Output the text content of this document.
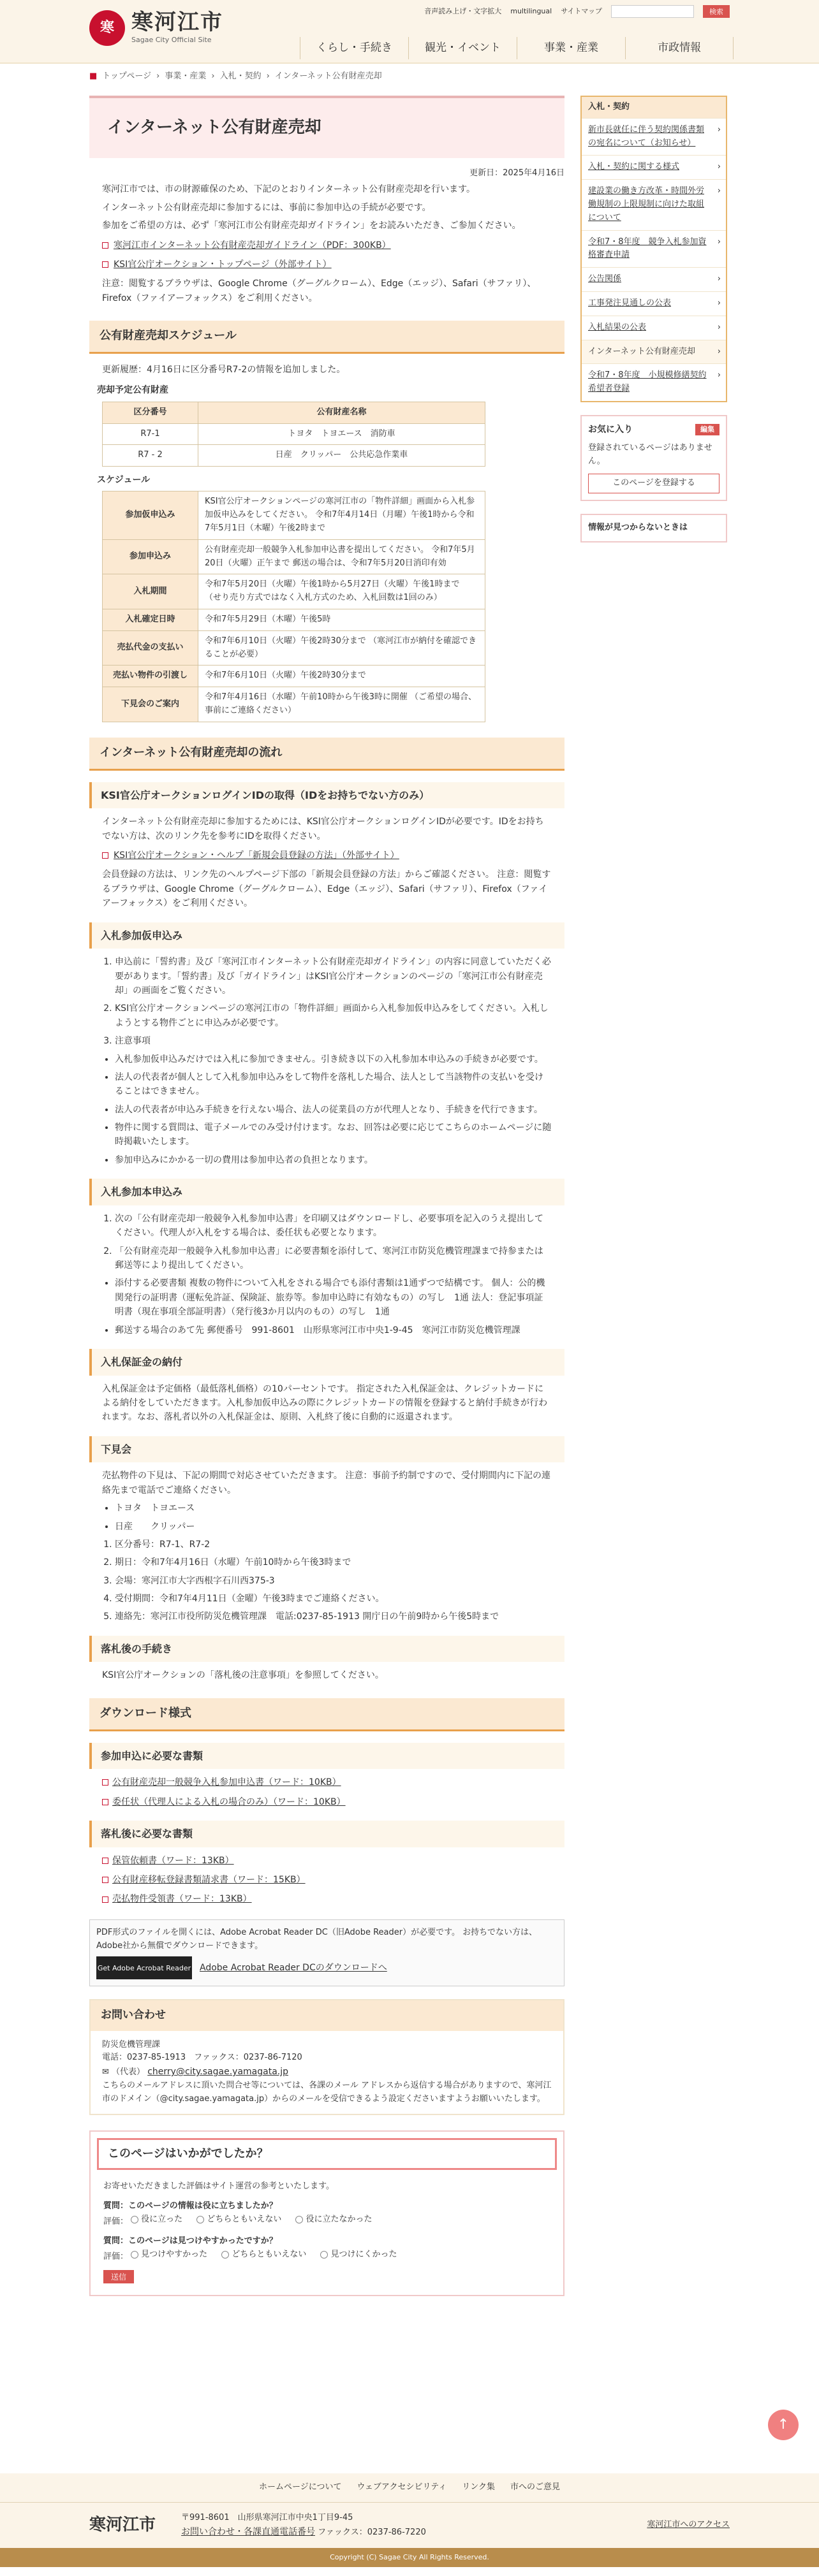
寒 寒河江市
Sagae City Official Site
音声読み上げ・文字拡大 multilingual サイトマップ	検索
くらし・手続き	観光・イベント	事業・産業	市政情報
■ トップページ › 事業・産業 › 入札・契約 › インターネット公有財産売却
インターネット公有財産売却
更新日：2025年4月16日

寒河江市では、市の財源確保のため、下記のとおりインターネット公有財産売却を行います。

インターネット公有財産売却に参加するには、事前に参加申込の手続が必要です。

参加をご希望の方は、必ず「寒河江市公有財産売却ガイドライン」をお読みいただき、ご参加ください。

寒河江市インターネット公有財産売却ガイドライン（PDF：300KB）
KSI官公庁オークション・トップページ（外部サイト）

注意：閲覧するブラウザは、Google Chrome（グーグルクローム）、Edge（エッジ）、Safari（サファリ）、Firefox（ファイアーフォックス）をご利用ください。

公有財産売却スケジュール

更新履歴：4月16日に区分番号R7-2の情報を追加しました。

売却予定公有財産
区分番号	公有財産名称
R7-1	トヨタ　トヨエース　消防車
R7 - 2	日産　クリッパー　公共応急作業車
スケジュール
参加仮申込み	KSI官公庁オークションページの寒河江市の「物件詳細」画面から入札参加仮申込みをしてください。 令和7年4月14日（月曜）午後1時から令和7年5月1日（木曜）午後2時まで
参加申込み	公有財産売却一般競争入札参加申込書を提出してください。 令和7年5月20日（火曜）正午まで 郵送の場合は、令和7年5月20日消印有効
入札期間	令和7年5月20日（火曜）午後1時から5月27日（火曜）午後1時まで （せり売り方式ではなく入札方式のため、入札回数は1回のみ）
入札確定日時	令和7年5月29日（木曜）午後5時
売払代金の支払い	令和7年6月10日（火曜）午後2時30分まで （寒河江市が納付を確認できることが必要）
売払い物件の引渡し	令和7年6月10日（火曜）午後2時30分まで
下見会のご案内	令和7年4月16日（水曜）午前10時から午後3時に開催 （ご希望の場合、事前にご連絡ください）
インターネット公有財産売却の流れ
KSI官公庁オークションログインIDの取得（IDをお持ちでない方のみ）

インターネット公有財産売却に参加するためには、KSI官公庁オークションログインIDが必要です。IDをお持ちでない方は、次のリンク先を参考にIDを取得ください。

KSI官公庁オークション・ヘルプ「新規会員登録の方法」（外部サイト）

会員登録の方法は、リンク先のヘルプページ下部の「新規会員登録の方法」からご確認ください。 注意：閲覧するブラウザは、Google Chrome（グーグルクローム）、Edge（エッジ）、Safari（サファリ）、Firefox（ファイアーフォックス）をご利用ください。

入札参加仮申込み
1. 申込前に「誓約書」及び「寒河江市インターネット公有財産売却ガイドライン」の内容に同意していただく必要があります。「誓約書」及び「ガイドライン」はKSI官公庁オークションのページの「寒河江市公有財産売却」の画面をご覧ください。
2. KSI官公庁オークションページの寒河江市の「物件詳細」画面から入札参加仮申込みをしてください。入札しようとする物件ごとに申込みが必要です。
3. 注意事項
• 入札参加仮申込みだけでは入札に参加できません。引き続き以下の入札参加本申込みの手続きが必要です。
• 法人の代表者が個人として入札参加申込みをして物件を落札した場合、法人として当該物件の支払いを受けることはできません。
• 法人の代表者が申込み手続きを行えない場合、法人の従業員の方が代理人となり、手続きを代行できます。
• 物件に関する質問は、電子メールでのみ受け付けます。なお、回答は必要に応じてこちらのホームページに随時掲載いたします。
• 参加申込みにかかる一切の費用は参加申込者の負担となります。
入札参加本申込み
1. 次の「公有財産売却一般競争入札参加申込書」を印刷又はダウンロードし、必要事項を記入のうえ提出してください。代理人が入札をする場合は、委任状も必要となります。
2. 「公有財産売却一般競争入札参加申込書」に必要書類を添付して、寒河江市防災危機管理課まで持参または郵送等により提出してください。
• 添付する必要書類 複数の物件について入札をされる場合でも添付書類は1通ずつで結構です。 個人：公的機関発行の証明書（運転免許証、保険証、旅券等。参加申込時に有効なもの）の写し　1通 法人：登記事項証明書（現在事項全部証明書）（発行後3か月以内のもの）の写し　1通
• 郵送する場合のあて先 郵便番号　991-8601　山形県寒河江市中央1-9-45　寒河江市防災危機管理課
入札保証金の納付

入札保証金は予定価格（最低落札価格）の10パーセントです。 指定された入札保証金は、クレジットカードによる納付をしていただきます。入札参加仮申込みの際にクレジットカードの情報を登録すると納付手続きが行われます。なお、落札者以外の入札保証金は、原則、入札終了後に自動的に返還されます。

下見会

売払物件の下見は、下記の期間で対応させていただきます。 注意：事前予約制ですので、受付期間内に下記の連絡先まで電話でご連絡ください。

• トヨタ　トヨエース
• 日産　　クリッパー
1. 区分番号：R7-1、R7-2
2. 期日：令和7年4月16日（水曜）午前10時から午後3時まで
3. 会場：寒河江市大字西根字石川西375-3
4. 受付期間：令和7年4月11日（金曜）午後3時までご連絡ください。
5. 連絡先：寒河江市役所防災危機管理課　電話:0237-85-1913 開庁日の午前9時から午後5時まで
落札後の手続き

KSI官公庁オークションの「落札後の注意事項」を参照してください。

ダウンロード様式
参加申込に必要な書類
公有財産売却一般競争入札参加申込書（ワード：10KB）
委任状（代理人による入札の場合のみ）（ワード：10KB）
落札後に必要な書類
保管依頼書（ワード：13KB）
公有財産移転登録書類請求書（ワード：15KB）
売払物件受領書（ワード：13KB）
PDF形式のファイルを開くには、Adobe Acrobat Reader DC（旧Adobe Reader）が必要です。 お持ちでない方は、Adobe社から無償でダウンロードできます。
Get Adobe Acrobat Reader Adobe Acrobat Reader DCのダウンロードへ
お問い合わせ
防災危機管理課
電話：0237-85-1913　ファックス：0237-86-7120
✉ （代表） cherry@city.sagae.yamagata.jp
こちらのメールアドレスに頂いた問合せ等については、各課のメール アドレスから返信する場合がありますので、寒河江市のドメイン（@city.sagae.yamagata.jp）からのメールを受信できるよう設定くださいますようお願いいたします。
このページはいかがでしたか？
お寄せいただきました評価はサイト運営の参考といたします。
質問：このページの情報は役に立ちましたか？
評価： 役に立った
	どちらともいえない
	役に立たなかった
質問：このページは見つけやすかったですか？
評価： 見つけやすかった
	どちらともいえない
	見つけにくかった
送信
入札・契約
新市長就任に伴う契約関係書類の宛名について（お知らせ） ›
入札・契約に関する様式 ›
建設業の働き方改革・時間外労働規制の上限規制に向けた取組について ›
令和7・8年度　競争入札参加資格審査申請 ›
公告関係 ›
工事発注見通しの公表 ›
入札結果の公表 ›
インターネット公有財産売却 ›
令和7・8年度　小規模修繕契約希望者登録 ›
お気に入り	編集
登録されているページはありません。
このページを登録する
情報が見つからないときは
↑
ホームページについて ウェブアクセシビリティ リンク集 市へのご意見
寒河江市	〒991-8601　山形県寒河江市中央1丁目9-45
お問い合わせ・各課直通電話番号 ファックス：0237-86-7220
寒河江市へのアクセス
Copyright (C) Sagae City All Rights Reserved.
